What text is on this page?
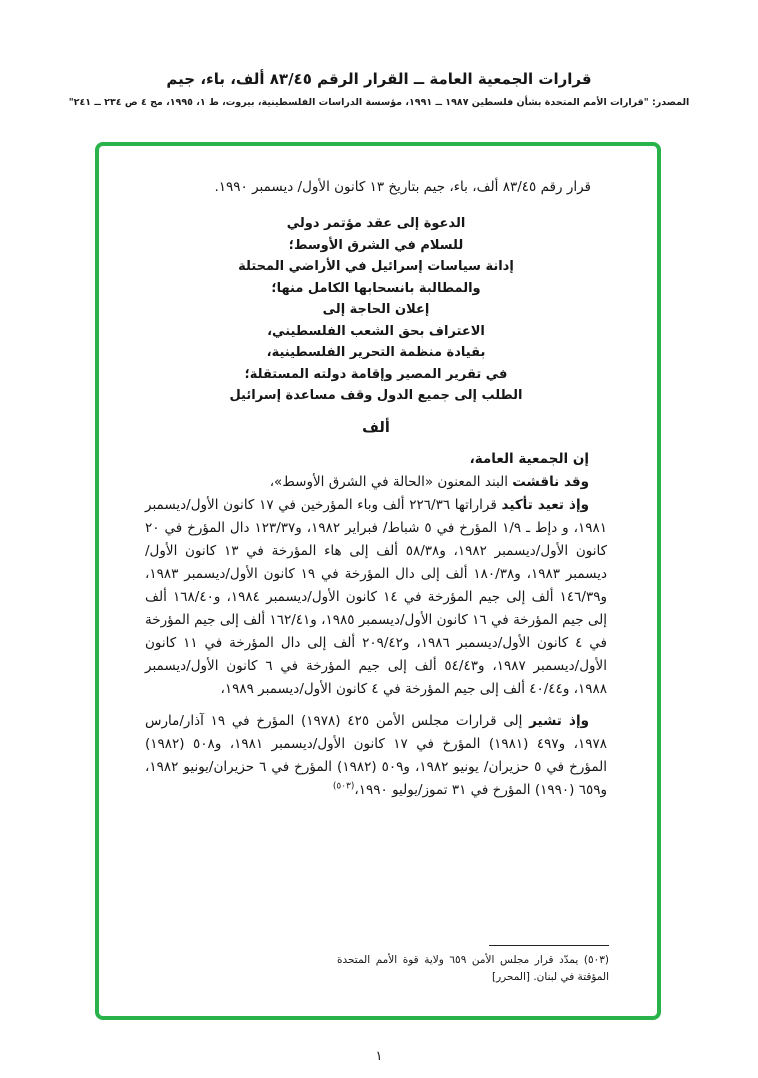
قرارات الجمعية العامة ــ القرار الرقم ٨٣/٤٥ ألف، باء، جيم
المصدر: "قرارات الأمم المتحدة بشأن فلسطين ١٩٨٧ ــ ١٩٩١، مؤسسة الدراسات الفلسطينية، بيروت، ط ١، ١٩٩٥، مج ٤ ص ٢٣٤ ــ ٢٤١"

قرار رقم ٨٣/٤٥ ألف، باء، جيم بتاريخ ١٣ كانون الأول/ ديسمبر ١٩٩٠.

الدعوة إلى عقد مؤتمر دولي
للسلام في الشرق الأوسط؛
إدانة سياسات إسرائيل في الأراضي المحتلة
والمطالبة بانسحابها الكامل منها؛
إعلان الحاجة إلى
الاعتراف بحق الشعب الفلسطيني،
بقيادة منظمة التحرير الفلسطينية،
في تقرير المصير وإقامة دولته المستقلة؛
الطلب إلى جميع الدول وقف مساعدة إسرائيل
ألف

إن الجمعية العامة،

وقد ناقشت البند المعنون «الحالة في الشرق الأوسط»،

وإذ تعيد تأكيد قراراتها ٢٢٦/٣٦ ألف وباء المؤرخين في ١٧ كانون الأول/ديسمبر ١٩٨١، و دإط ـ ١/٩ المؤرخ في ٥ شباط/ فبراير ١٩٨٢، و١٢٣/٣٧ دال المؤرخ في ٢٠ كانون الأول/ديسمبر ١٩٨٢، و٥٨/٣٨ ألف إلى هاء المؤرخة في ١٣ كانون الأول/ ديسمبر ١٩٨٣، و١٨٠/٣٨ ألف إلى دال المؤرخة في ١٩ كانون الأول/ديسمبر ١٩٨٣، و١٤٦/٣٩ ألف إلى جيم المؤرخة في ١٤ كانون الأول/ديسمبر ١٩٨٤، و١٦٨/٤٠ ألف إلى جيم المؤرخة في ١٦ كانون الأول/ديسمبر ١٩٨٥، و١٦٢/٤١ ألف إلى جيم المؤرخة في ٤ كانون الأول/ديسمبر ١٩٨٦، و٢٠٩/٤٢ ألف إلى دال المؤرخة في ١١ كانون الأول/ديسمبر ١٩٨٧، و٥٤/٤٣ ألف إلى جيم المؤرخة في ٦ كانون الأول/ديسمبر ١٩٨٨، و٤٠/٤٤ ألف إلى جيم المؤرخة في ٤ كانون الأول/ديسمبر ١٩٨٩،

وإذ تشير إلى قرارات مجلس الأمن ٤٢٥ (١٩٧٨) المؤرخ في ١٩ آذار/مارس ١٩٧٨، و٤٩٧ (١٩٨١) المؤرخ في ١٧ كانون الأول/ديسمبر ١٩٨١، و٥٠٨ (١٩٨٢) المؤرخ في ٥ حزيران/ يونيو ١٩٨٢، و٥٠٩ (١٩٨٢) المؤرخ في ٦ حزيران/يونيو ١٩٨٢، و٦٥٩ (١٩٩٠) المؤرخ في ٣١ تموز/يوليو ١٩٩٠،$^{(٥٠٣)}$

(٥٠٣) يمدّد قرار مجلس الأمن ٦٥٩ ولاية قوة الأمم المتحدة المؤقتة في لبنان. [المحرر]

١
